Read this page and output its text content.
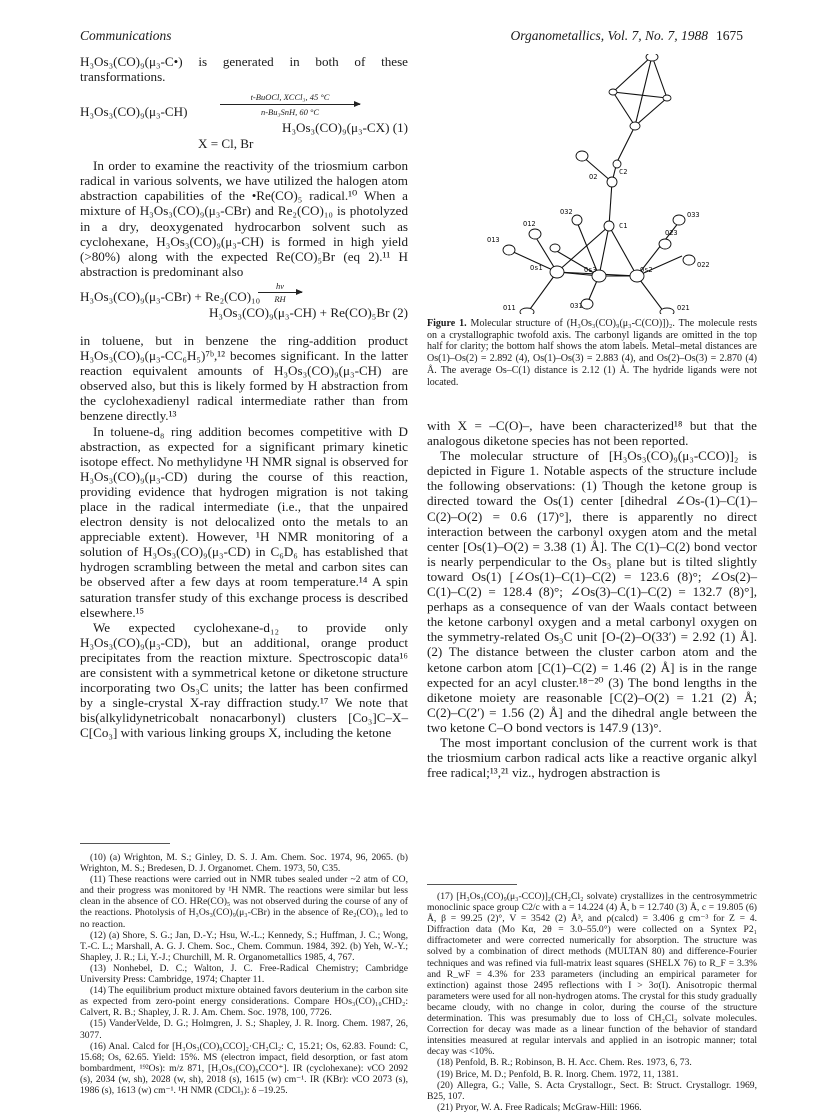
Communications	Organometallics, Vol. 7, No. 7, 1988 1675

H₃Os₃(CO)₉(μ₃-C•) is generated in both of these transformations.

H₃Os₃(CO)₉(μ₃-CH)
t-BuOCl, XCCl₃, 45 °C
n-Bu₃SnH, 60 °C
H₃Os₃(CO)₉(μ₃-CX) (1)
X = Cl, Br

In order to examine the reactivity of the triosmium carbon radical in various solvents, we have utilized the halogen atom abstraction capabilities of the •Re(CO)₅ radical.¹⁰ When a mixture of H₃Os₃(CO)₉(μ₃-CBr) and Re₂(CO)₁₀ is photolyzed in a dry, deoxygenated hydrocarbon solvent such as cyclohexane, H₃Os₃(CO)₉(μ₃-CH) is formed in high yield (>80%) along with the expected Re(CO)₅Br (eq 2).¹¹ H abstraction is predominant also

H₃Os₃(CO)₉(μ₃-CBr) + Re₂(CO)₁₀
hν
RH
H₃Os₃(CO)₉(μ₃-CH) + Re(CO)₅Br (2)

in toluene, but in benzene the ring-addition product H₃Os₃(CO)₉(μ₃-CC₆H₅)⁷ᵇ,¹² becomes significant. In the latter reaction equivalent amounts of H₃Os₃(CO)₉(μ₃-CH) are observed also, but this is likely formed by H abstraction from the cyclohexadienyl radical intermediate rather than from benzene directly.¹³

In toluene-d₈ ring addition becomes competitive with D abstraction, as expected for a significant primary kinetic isotope effect. No methylidyne ¹H NMR signal is observed for H₃Os₃(CO)₉(μ₃-CD) during the course of this reaction, providing evidence that hydrogen migration is not taking place in the radical intermediate (i.e., that the unpaired electron density is not delocalized onto the metals to an appreciable extent). However, ¹H NMR monitoring of a solution of H₃Os₃(CO)₉(μ₃-CD) in C₆D₆ has established that hydrogen scrambling between the metal and carbon sites can be observed after a few days at room temperature.¹⁴ A spin saturation transfer study of this exchange process is described elsewhere.¹⁵

We expected cyclohexane-d₁₂ to provide only H₃Os₃(CO)₉(μ₃-CD), but an additional, orange product precipitates from the reaction mixture. Spectroscopic data¹⁶ are consistent with a symmetrical ketone or diketone structure incorporating two Os₃C units; the latter has been confirmed by a single-crystal X-ray diffraction study.¹⁷ We note that bis(alkylidynetricobalt nonacarbonyl) clusters [Co₃]C–X–C[Co₃] with various linking groups X, including the ketone

(10) (a) Wrighton, M. S.; Ginley, D. S. J. Am. Chem. Soc. 1974, 96, 2065. (b) Wrighton, M. S.; Bredesen, D. J. Organomet. Chem. 1973, 50, C35.
(11) These reactions were carried out in NMR tubes sealed under ~2 atm of CO, and their progress was monitored by ¹H NMR. The reactions were similar but less clean in the absence of CO. HRe(CO)₅ was not observed during the course of any of the reactions. Photolysis of H₃Os₃(CO)₉(μ₃-CBr) in the absence of Re₂(CO)₁₀ led to no reaction.
(12) (a) Shore, S. G.; Jan, D.-Y.; Hsu, W.-L.; Kennedy, S.; Huffman, J. C.; Wong, T.-C. L.; Marshall, A. G. J. Chem. Soc., Chem. Commun. 1984, 392. (b) Yeh, W.-Y.; Shapley, J. R.; Li, Y.-J.; Churchill, M. R. Organometallics 1985, 4, 767.
(13) Nonhebel, D. C.; Walton, J. C. Free-Radical Chemistry; Cambridge University Press: Cambridge, 1974; Chapter 11.
(14) The equilibrium product mixture obtained favors deuterium in the carbon site as expected from zero-point energy considerations. Compare HOs₃(CO)₁₀CHD₂: Calvert, R. B.; Shapley, J. R. J. Am. Chem. Soc. 1978, 100, 7726.
(15) VanderVelde, D. G.; Holmgren, J. S.; Shapley, J. R. Inorg. Chem. 1987, 26, 3077.
(16) Anal. Calcd for [H₃Os₃(CO)₉CCO]₂·CH₂Cl₂: C, 15.21; Os, 62.83. Found: C, 15.68; Os, 62.65. Yield: 15%. MS (electron impact, field desorption, or fast atom bombardment, ¹⁹²Os): m/z 871, [H₃Os₃(CO)₉CCO⁺]. IR (cyclohexane): νCO 2092 (s), 2034 (w, sh), 2028 (w, sh), 2018 (s), 1615 (w) cm⁻¹. IR (KBr): νCO 2073 (s), 1986 (s), 1613 (w) cm⁻¹. ¹H NMR (CDCl₃): δ –19.25.
O2
C2
O32
O12
O33
C1
O13
O23
O22
Os1	Os3	Os2
O31
O11	O21
Figure 1. Molecular structure of (H₃Os₃(CO)₉(μ₃-C(CO)])₂. The molecule rests on a crystallographic twofold axis. The carbonyl ligands are omitted in the top half for clarity; the bottom half shows the atom labels. Metal–metal distances are Os(1)–Os(2) = 2.892 (4), Os(1)–Os(3) = 2.883 (4), and Os(2)–Os(3) = 2.870 (4) Å. The average Os–C(1) distance is 2.12 (1) Å. The hydride ligands were not located.

with X = –C(O)–, have been characterized¹⁸ but that the analogous diketone species has not been reported.

The molecular structure of [H₃Os₃(CO)₉(μ₃-CCO)]₂ is depicted in Figure 1. Notable aspects of the structure include the following observations: (1) Though the ketone group is directed toward the Os(1) center [dihedral ∠Os-(1)–C(1)–C(2)–O(2) = 0.6 (17)°], there is apparently no direct interaction between the carbonyl oxygen atom and the metal center [Os(1)–O(2) = 3.38 (1) Å]. The C(1)–C(2) bond vector is nearly perpendicular to the Os₃ plane but is tilted slightly toward Os(1) [∠Os(1)–C(1)–C(2) = 123.6 (8)°; ∠Os(2)–C(1)–C(2) = 128.4 (8)°; ∠Os(3)–C(1)–C(2) = 132.7 (8)°], perhaps as a consequence of van der Waals contact between the ketone carbonyl oxygen and a metal carbonyl oxygen on the symmetry-related Os₃C unit [O-(2)–O(33′) = 2.92 (1) Å]. (2) The distance between the cluster carbon atom and the ketone carbon atom [C(1)–C(2) = 1.46 (2) Å] is in the range expected for an acyl cluster.¹⁸⁻²⁰ (3) The bond lengths in the diketone moiety are reasonable [C(2)–O(2) = 1.21 (2) Å; C(2)–C(2′) = 1.56 (2) Å] and the dihedral angle between the two ketone C–O bond vectors is 147.9 (13)°.

The most important conclusion of the current work is that the triosmium carbon radical acts like a reactive organic alkyl free radical;¹³,²¹ viz., hydrogen abstraction is

(17) [H₃Os₃(CO)₉(μ₃-CCO)]₂(CH₂Cl₂ solvate) crystallizes in the centrosymmetric monoclinic space group C2/c with a = 14.224 (4) Å, b = 12.740 (3) Å, c = 19.805 (6) Å, β = 99.25 (2)°, V = 3542 (2) Å³, and ρ(calcd) = 3.406 g cm⁻³ for Z = 4. Diffraction data (Mo Kα, 2θ = 3.0–55.0°) were collected on a Syntex P2₁ diffractometer and were corrected numerically for absorption. The structure was solved by a combination of direct methods (MULTAN 80) and difference-Fourier techniques and was refined via full-matrix least squares (SHELX 76) to R_F = 3.3% and R_wF = 4.3% for 233 parameters (including an empirical parameter for extinction) against those 2495 reflections with I > 3σ(I). Anisotropic thermal parameters were used for all non-hydrogen atoms. The crystal for this study gradually became cloudy, with no change in color, during the course of the structure determination. This was presumably due to loss of CH₂Cl₂ solvate molecules. Correction for decay was made as a linear function of the behavior of standard intensities measured at regular intervals and applied in an isotropic manner; total decay was <10%.
(18) Penfold, B. R.; Robinson, B. H. Acc. Chem. Res. 1973, 6, 73.
(19) Brice, M. D.; Penfold, B. R. Inorg. Chem. 1972, 11, 1381.
(20) Allegra, G.; Valle, S. Acta Crystallogr., Sect. B: Struct. Crystallogr. 1969, B25, 107.
(21) Pryor, W. A. Free Radicals; McGraw-Hill: 1966.
